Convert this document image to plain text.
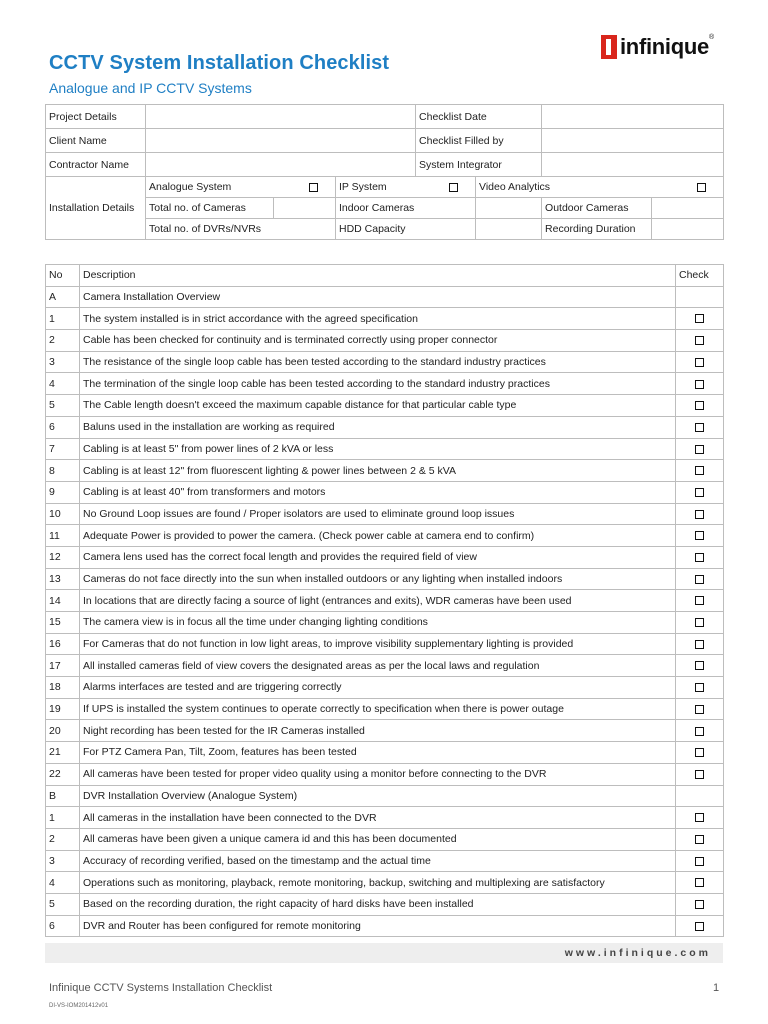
CCTV System Installation Checklist
Analogue and IP CCTV Systems
infinique®
Project Details				Checklist Date			
Client Name				Checklist Filled by			
Contractor Name				System Integrator			
Installation Details	Analogue System		IP System		Video Analytics		

	Total no. of Cameras		Indoor Cameras			Outdoor Cameras	
	Total no. of DVRs/NVRs		HDD Capacity			Recording Duration	
No	Description	Check
A	Camera Installation Overview	
1	The system installed is in strict accordance with the agreed specification	
2	Cable has been checked for continuity and is terminated correctly using proper connector	
3	The resistance of the single loop cable has been tested according to the standard industry practices	
4	The termination of the single loop cable has been tested according to the standard industry practices	
5	The Cable length doesn't exceed the maximum capable distance for that particular cable type	
6	Baluns used in the installation are working as required	
7	Cabling is at least 5" from power lines of 2 kVA or less	
8	Cabling is at least 12" from fluorescent lighting & power lines between 2 & 5 kVA	
9	Cabling is at least 40" from transformers and motors	
10	No Ground Loop issues are found / Proper isolators are used to eliminate ground loop issues	
11	Adequate Power is provided to power the camera. (Check power cable at camera end to confirm)	
12	Camera lens used has the correct focal length and provides the required field of view	
13	Cameras do not face directly into the sun when installed outdoors or any lighting when installed indoors	
14	In locations that are directly facing a source of light (entrances and exits), WDR cameras have been used	
15	The camera view is in focus all the time under changing lighting conditions	
16	For Cameras that do not function in low light areas, to improve visibility supplementary lighting is provided	
17	All installed cameras field of view covers the designated areas as per the local laws and regulation	
18	Alarms interfaces are tested and are triggering correctly	
19	If UPS is installed the system continues to operate correctly to specification when there is power outage	
20	Night recording has been tested for the IR Cameras installed	
21	For PTZ Camera Pan, Tilt, Zoom, features has been tested	
22	All cameras have been tested for proper video quality using a monitor before connecting to the DVR	
B	DVR Installation Overview (Analogue System)	
1	All cameras in the installation have been connected to the DVR	
2	All cameras have been given a unique camera id and this has been documented	
3	Accuracy of recording verified, based on the timestamp and the actual time	
4	Operations such as monitoring, playback, remote monitoring, backup, switching and multiplexing are satisfactory	
5	Based on the recording duration, the right capacity of hard disks have been installed	
6	DVR and Router has been configured for remote monitoring	
www.infinique.com
Infinique CCTV Systems Installation Checklist
DI-VS-IOM201412v01
1
